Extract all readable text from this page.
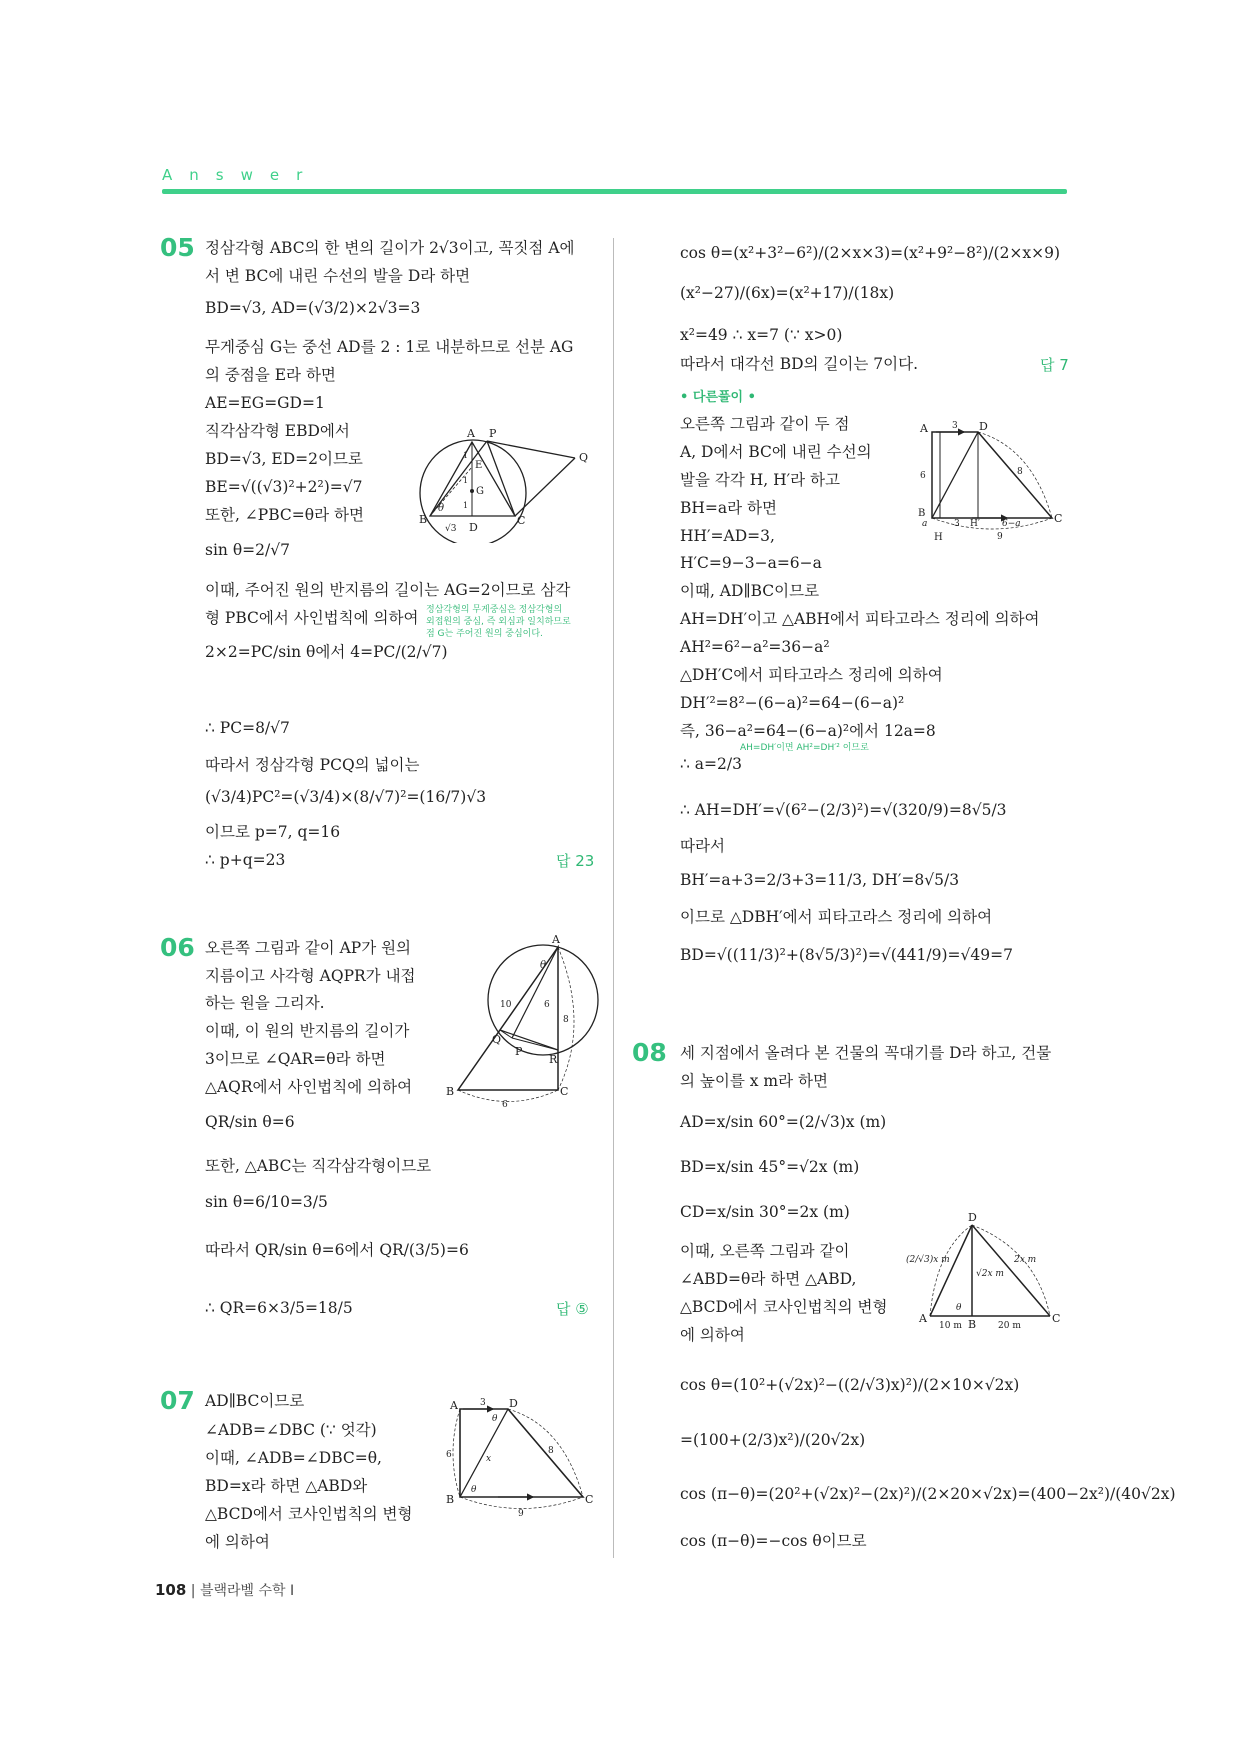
Answer
05 정삼각형 ABC의 한 변의 길이가 2√3이고, 꼭짓점 A에
서 변 BC에 내린 수선의 발을 D라 하면
BD=√3, AD=(√3/2)×2√3=3
무게중심 G는 중선 AD를 2 : 1로 내분하므로 선분 AG
의 중점을 E라 하면
AE=EG=GD=1
직각삼각형 EBD에서
BD=√3, ED=2이므로
BE=√((√3)²+2²)=√7
또한, ∠PBC=θ라 하면
sin θ=2/√7
이때, 주어진 원의 반지름의 길이는 AG=2이므로 삼각
형 PBC에서 사인법칙에 의하여
2×2=PC/sin θ에서 4=PC/(2/√7)
∴ PC=8/√7
따라서 정삼각형 PCQ의 넓이는
(√3/4)PC²=(√3/4)×(8/√7)²=(16/7)√3
이므로 p=7, q=16
∴ p+q=23
정삼각형의 무게중심은 정삼각형의
외접원의 중심, 즉 외심과 일치하므로
점 G는 주어진 원의 중심이다.
답 23
A P
Q
B	C
D
E
G
θ
√3
1
1
1
06 오른쪽 그림과 같이 AP가 원의
지름이고 사각형 AQPR가 내접
하는 원을 그리자.
이때, 이 원의 반지름의 길이가
3이므로 ∠QAR=θ라 하면
△AQR에서 사인법칙에 의하여
QR/sin θ=6
또한, △ABC는 직각삼각형이므로
sin θ=6/10=3/5
따라서 QR/sin θ=6에서 QR/(3/5)=6
∴ QR=6×3/5=18/5	답 ⑤
A
θ
10	6
8
Q
P
R
B	C
6
07 AD∥BC이므로
∠ADB=∠DBC (∵ 엇각)
이때, ∠ADB=∠DBC=θ,
BD=x라 하면 △ABD와
△BCD에서 코사인법칙의 변형
에 의하여
A 3 D
6
θ
θ
x
8
B	C
9
cos θ=(x²+3²−6²)/(2×x×3)=(x²+9²−8²)/(2×x×9)
(x²−27)/(6x)=(x²+17)/(18x)
x²=49 ∴ x=7 (∵ x>0)
따라서 대각선 BD의 길이는 7이다.	답 7
• 다른풀이 •
오른쪽 그림과 같이 두 점
A, D에서 BC에 내린 수선의
발을 각각 H, H′라 하고
BH=a라 하면
HH′=AD=3,
H′C=9−3−a=6−a
이때, AD∥BC이므로
AH=DH′이고 △ABH에서 피타고라스 정리에 의하여
AH²=6²−a²=36−a²
△DH′C에서 피타고라스 정리에 의하여
DH′²=8²−(6−a)²=64−(6−a)²
즉, 36−a²=64−(6−a)²에서 12a=8
∴ a=2/3
∴ AH=DH′=√(6²−(2/3)²)=√(320/9)=8√5/3
따라서
BH′=a+3=2/3+3=11/3, DH′=8√5/3
이므로 △DBH′에서 피타고라스 정리에 의하여
BD=√((11/3)²+(8√5/3)²)=√(441/9)=√49=7
AH=DH′이면 AH²=DH′² 이므로
A	3 D
6	8
B
a	3 H′ 6−a	C
H	9
08 세 지점에서 올려다 본 건물의 꼭대기를 D라 하고, 건물
의 높이를 x m라 하면
AD=x/sin 60°=(2/√3)x (m)
BD=x/sin 45°=√2x (m)
CD=x/sin 30°=2x (m)
이때, 오른쪽 그림과 같이
∠ABD=θ라 하면 △ABD,
△BCD에서 코사인법칙의 변형
에 의하여
cos θ=(10²+(√2x)²−((2/√3)x)²)/(2×10×√2x)
=(100+(2/3)x²)/(20√2x)
cos (π−θ)=(20²+(√2x)²−(2x)²)/(2×20×√2x)=(400−2x²)/(40√2x)
cos (π−θ)=−cos θ이므로
D
(2/√3)x m	2x m
√2x m
θ
A
10 m B 20 m
C
108 | 블랙라벨 수학 I
